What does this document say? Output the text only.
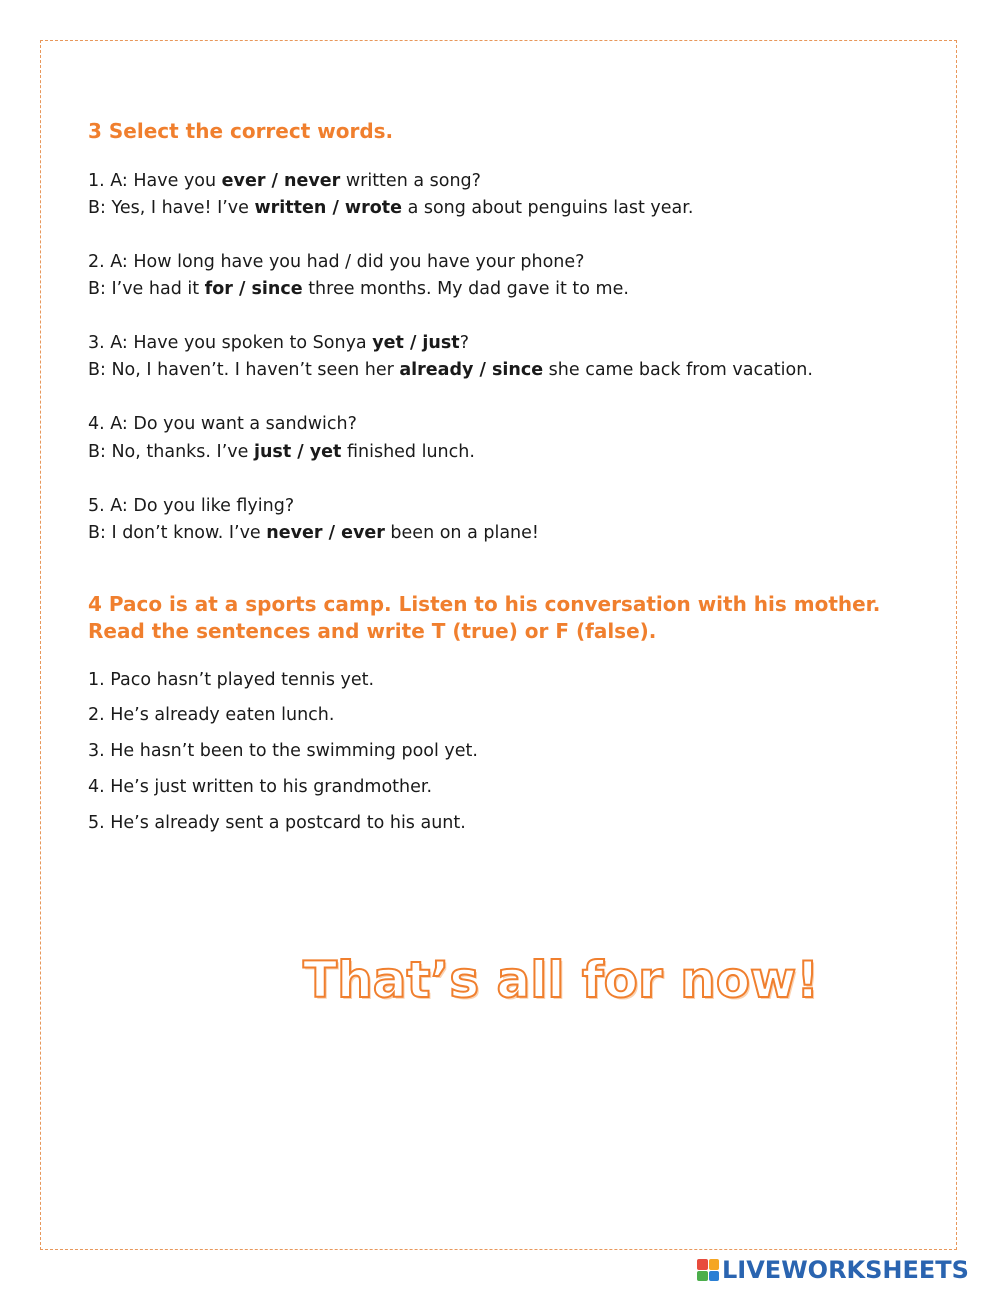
3 Select the correct words.
1. A: Have you ever / never written a song?
B: Yes, I have! I’ve written / wrote a song about penguins last year.
2. A: How long have you had / did you have your phone?
B: I’ve had it for / since three months. My dad gave it to me.
3. A: Have you spoken to Sonya yet / just?
B: No, I haven’t. I haven’t seen her already / since she came back from vacation.
4. A: Do you want a sandwich?
B: No, thanks. I’ve just / yet finished lunch.
5. A: Do you like flying?
B: I don’t know. I’ve never / ever been on a plane!
4 Paco is at a sports camp. Listen to his conversation with his mother.
Read the sentences and write T (true) or F (false).
1. Paco hasn’t played tennis yet.
2. He’s already eaten lunch.
3. He hasn’t been to the swimming pool yet.
4. He’s just written to his grandmother.
5. He’s already sent a postcard to his aunt.
That’s all for now!
LIVEWORKSHEETS
